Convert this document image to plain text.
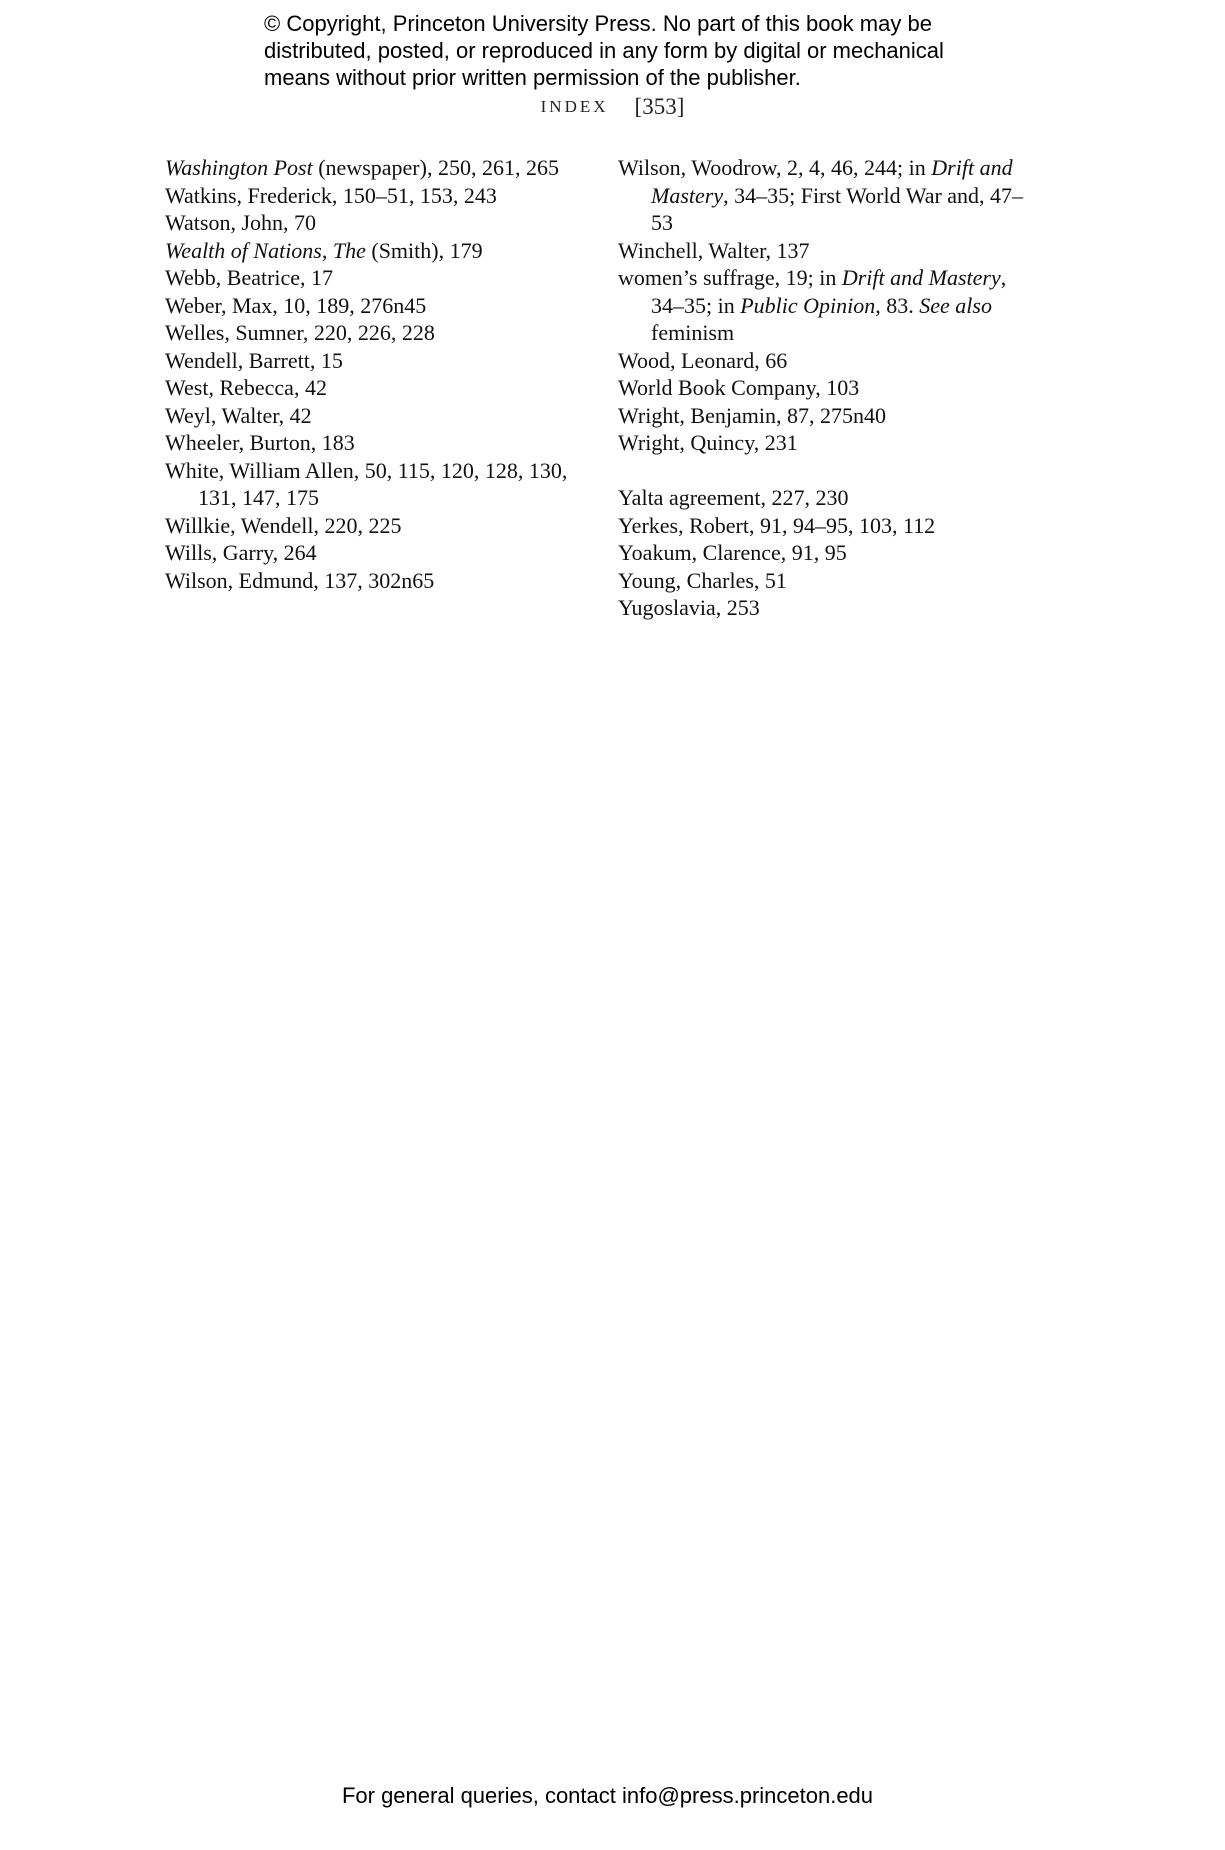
© Copyright, Princeton University Press. No part of this book may be
distributed, posted, or reproduced in any form by digital or mechanical
means without prior written permission of the publisher.
INDEX [353]
Washington Post (newspaper), 250, 261, 265
Watkins, Frederick, 150–51, 153, 243
Watson, John, 70
Wealth of Nations, The (Smith), 179
Webb, Beatrice, 17
Weber, Max, 10, 189, 276n45
Welles, Sumner, 220, 226, 228
Wendell, Barrett, 15
West, Rebecca, 42
Weyl, Walter, 42
Wheeler, Burton, 183
White, William Allen, 50, 115, 120, 128, 130, 131, 147, 175
Willkie, Wendell, 220, 225
Wills, Garry, 264
Wilson, Edmund, 137, 302n65
Wilson, Woodrow, 2, 4, 46, 244; in Drift and Mastery, 34–35; First World War and, 47–53
Winchell, Walter, 137
women’s suffrage, 19; in Drift and Mastery, 34–35; in Public Opinion, 83. See also feminism
Wood, Leonard, 66
World Book Company, 103
Wright, Benjamin, 87, 275n40
Wright, Quincy, 231
Yalta agreement, 227, 230
Yerkes, Robert, 91, 94–95, 103, 112
Yoakum, Clarence, 91, 95
Young, Charles, 51
Yugoslavia, 253
For general queries, contact info@press.princeton.edu
